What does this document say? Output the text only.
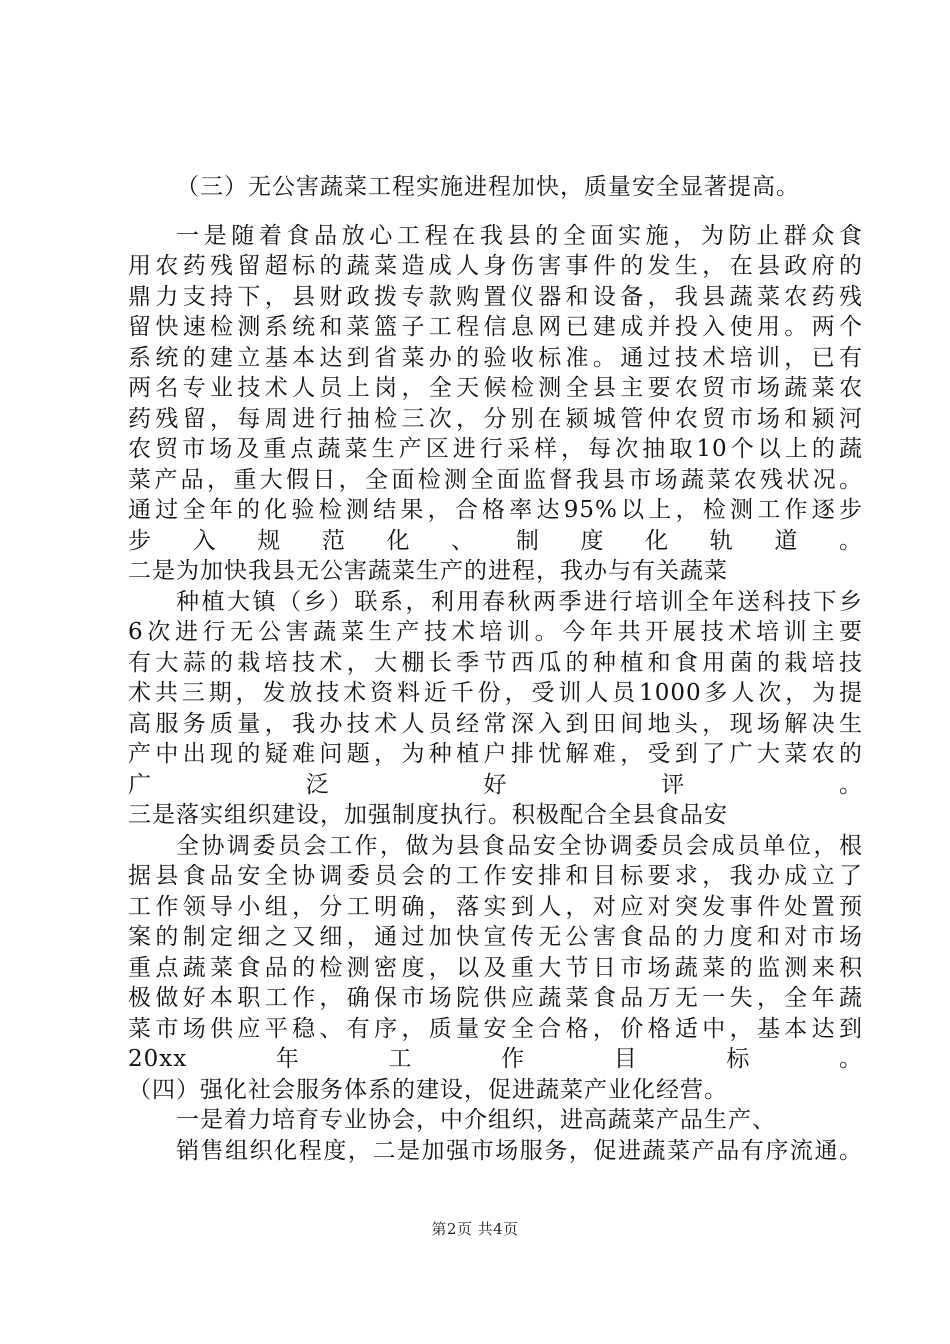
（三）无公害蔬菜工程实施进程加快，质量安全显著提高。
一是随着食品放心工程在我县的全面实施，为防止群众食
用农药残留超标的蔬菜造成人身伤害事件的发生，在县政府的
鼎力支持下，县财政拨专款购置仪器和设备，我县蔬菜农药残
留快速检测系统和菜篮子工程信息网已建成并投入使用。两个
系统的建立基本达到省菜办的验收标准。通过技术培训，已有
两名专业技术人员上岗，全天候检测全县主要农贸市场蔬菜农
药残留，每周进行抽检三次，分别在颍城管仲农贸市场和颍河
农贸市场及重点蔬菜生产区进行采样，每次抽取10个以上的蔬
菜产品，重大假日，全面检测全面监督我县市场蔬菜农残状况。
通过全年的化验检测结果，合格率达95%以上，检测工作逐步
步入规范化、制度化轨道。
二是为加快我县无公害蔬菜生产的进程，我办与有关蔬菜
种植大镇（乡）联系，利用春秋两季进行培训全年送科技下乡
6次进行无公害蔬菜生产技术培训。今年共开展技术培训主要
有大蒜的栽培技术，大棚长季节西瓜的种植和食用菌的栽培技
术共三期，发放技术资料近千份，受训人员1000多人次，为提
高服务质量，我办技术人员经常深入到田间地头，现场解决生
产中出现的疑难问题，为种植户排忧解难，受到了广大菜农的
广泛好评。
三是落实组织建设，加强制度执行。积极配合全县食品安
全协调委员会工作，做为县食品安全协调委员会成员单位，根
据县食品安全协调委员会的工作安排和目标要求，我办成立了
工作领导小组，分工明确，落实到人，对应对突发事件处置预
案的制定细之又细，通过加快宣传无公害食品的力度和对市场
重点蔬菜食品的检测密度，以及重大节日市场蔬菜的监测来积
极做好本职工作，确保市场院供应蔬菜食品万无一失，全年蔬
菜市场供应平稳、有序，质量安全合格，价格适中，基本达到
20xx年工作目标。
（四）强化社会服务体系的建设，促进蔬菜产业化经营。
一是着力培育专业协会，中介组织，进高蔬菜产品生产、
销售组织化程度，二是加强市场服务，促进蔬菜产品有序流通。
第2页 共4页
